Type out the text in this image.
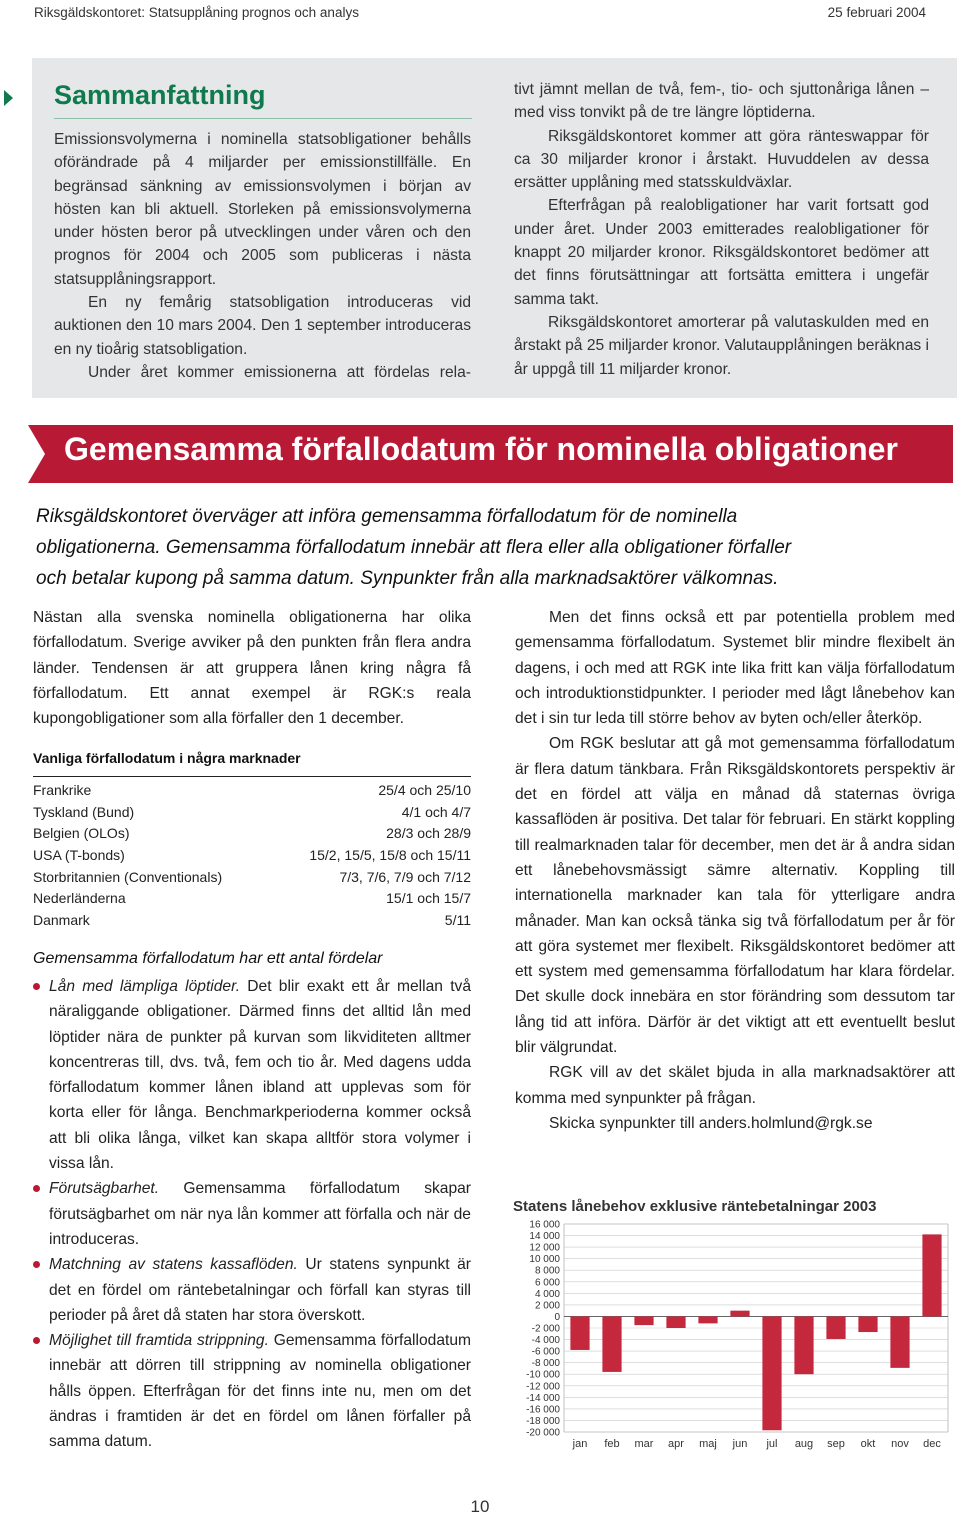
Riksgäldskontoret: Statsupplåning prognos och analys	25 februari 2004
Sammanfattning

Emissionsvolymerna i nominella statsobligationer behålls oförändrade på 4 miljarder per emissionstillfälle. En begränsad sänkning av emissionsvolymen i början av hösten kan bli aktuell. Storleken på emissionsvolymerna under hösten beror på utvecklingen under våren och den prognos för 2004 och 2005 som publiceras i nästa statsupplåningsrapport.

En ny femårig statsobligation introduceras vid auktionen den 10 mars 2004. Den 1 september introduceras en ny tioårig statsobligation.

Under året kommer emissionerna att fördelas rela-

tivt jämnt mellan de två, fem-, tio- och sjuttonåriga lånen – med viss tonvikt på de tre längre löptiderna.

Riksgäldskontoret kommer att göra ränteswappar för ca 30 miljarder kronor i årstakt. Huvuddelen av dessa ersätter upplåning med statsskuldväxlar.

Efterfrågan på realobligationer har varit fortsatt god under året. Under 2003 emitterades realobligationer för knappt 20 miljarder kronor. Riksgäldskontoret bedömer att det finns förutsättningar att fortsätta emittera i ungefär samma takt.

Riksgäldskontoret amorterar på valutaskulden med en årstakt på 25 miljarder kronor. Valutaupplåningen beräknas i år uppgå till 11 miljarder kronor.

Gemensamma förfallodatum för nominella obligationer
Riksgäldskontoret överväger att införa gemensamma förfallodatum för de nominella
obligationerna. Gemensamma förfallodatum innebär att flera eller alla obligationer förfaller
och betalar kupong på samma datum. Synpunkter från alla marknadsaktörer välkomnas.

Nästan alla svenska nominella obligationerna har olika förfallodatum. Sverige avviker på den punkten från flera andra länder. Tendensen är att gruppera lånen kring några få förfallodatum. Ett annat exempel är RGK:s reala kupongobligationer som alla förfaller den 1 december.

Vanliga förfallodatum i några marknader
Frankrike	25/4 och 25/10
Tyskland (Bund)	4/1 och 4/7
Belgien (OLOs)	28/3 och 28/9
USA (T-bonds)	15/2, 15/5, 15/8 och 15/11
Storbritannien (Conventionals)	7/3, 7/6, 7/9 och 7/12
Nederländerna	15/1 och 15/7
Danmark	5/11
Gemensamma förfallodatum har ett antal fördelar
Lån med lämpliga löptider. Det blir exakt ett år mellan två näraliggande obligationer. Därmed finns det alltid lån med löptider nära de punkter på kurvan som likviditeten alltmer koncentreras till, dvs. två, fem och tio år. Med dagens udda förfallodatum kommer lånen ibland att upplevas som för korta eller för långa. Benchmarkperioderna kommer också att bli olika långa, vilket kan skapa alltför stora volymer i vissa lån.
Förutsägbarhet. Gemensamma förfallodatum skapar förutsägbarhet om när nya lån kommer att förfalla och när de introduceras.
Matchning av statens kassaflöden. Ur statens synpunkt är det en fördel om räntebetalningar och förfall kan styras till perioder på året då staten har stora överskott.
Möjlighet till framtida strippning. Gemensamma förfallodatum innebär att dörren till strippning av nominella obligationer hålls öppen. Efterfrågan för det finns inte nu, men om det ändras i framtiden är det en fördel om lånen förfaller på samma datum.

Men det finns också ett par potentiella problem med gemensamma förfallodatum. Systemet blir mindre flexibelt än dagens, i och med att RGK inte lika fritt kan välja förfallodatum och introduktionstidpunkter. I perioder med lågt lånebehov kan det i sin tur leda till större behov av byten och/eller återköp.

Om RGK beslutar att gå mot gemensamma förfallodatum är flera datum tänkbara. Från Riksgäldskontorets perspektiv är det en fördel att välja en månad då staternas övriga kassaflöden är positiva. Det talar för februari. En stärkt koppling till realmarknaden talar för december, men det är å andra sidan ett lånebehovsmässigt sämre alternativ. Koppling till internationella marknader kan tala för ytterligare andra månader. Man kan också tänka sig två förfallodatum per år för att göra systemet mer flexibelt. Riksgäldskontoret bedömer att ett system med gemensamma förfallodatum har klara fördelar. Det skulle dock innebära en stor förändring som dessutom tar lång tid att införa. Därför är det viktigt att ett eventuellt beslut blir välgrundat.

RGK vill av det skälet bjuda in alla marknadsaktörer att komma med synpunkter på frågan.

Skicka synpunkter till anders.holmlund@rgk.se

Statens lånebehov exklusive räntebetalningar 2003
-20 000
-18 000
-16 000
-14 000
-12 000
-10 000
-8 000
-6 000
-4 000
-2 000
0
2 000
4 000
6 000
8 000
10 000
12 000
14 000
16 000
jan feb mar apr maj jun jul aug sep okt nov dec
10
